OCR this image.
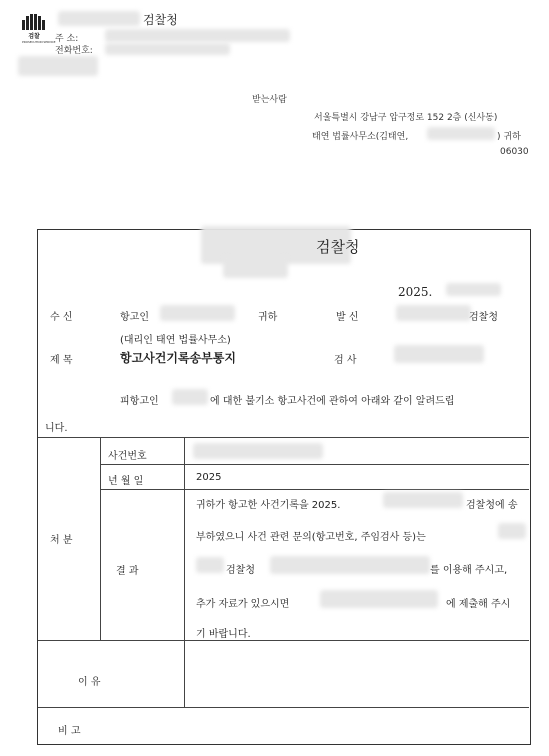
검찰
PROSECUTION SERVICE
검찰청
주 소:
전화번호:
받는사람
서울특별시 강남구 압구정로 152 2층 (신사동)
태연 법률사무소(김태연,	) 귀하
06030
검찰청
2025.
수 신	항고인	귀하	발 신	검찰청
(대리인 태연 법률사무소)
제 목	항고사건기록송부통지	검 사
피항고인	에 대한 불기소 항고사건에 관하여 아래와 같이 알려드립
니다.
처 분
사건번호
년 월 일	2025
결 과
귀하가 항고한 사건기록을 2025.	검찰청에 송
부하였으니 사건 관련 문의(항고번호, 주임검사 등)는
검찰청	를 이용해 주시고,
추가 자료가 있으시면	에 제출해 주시
기 바랍니다.
이 유
비 고
